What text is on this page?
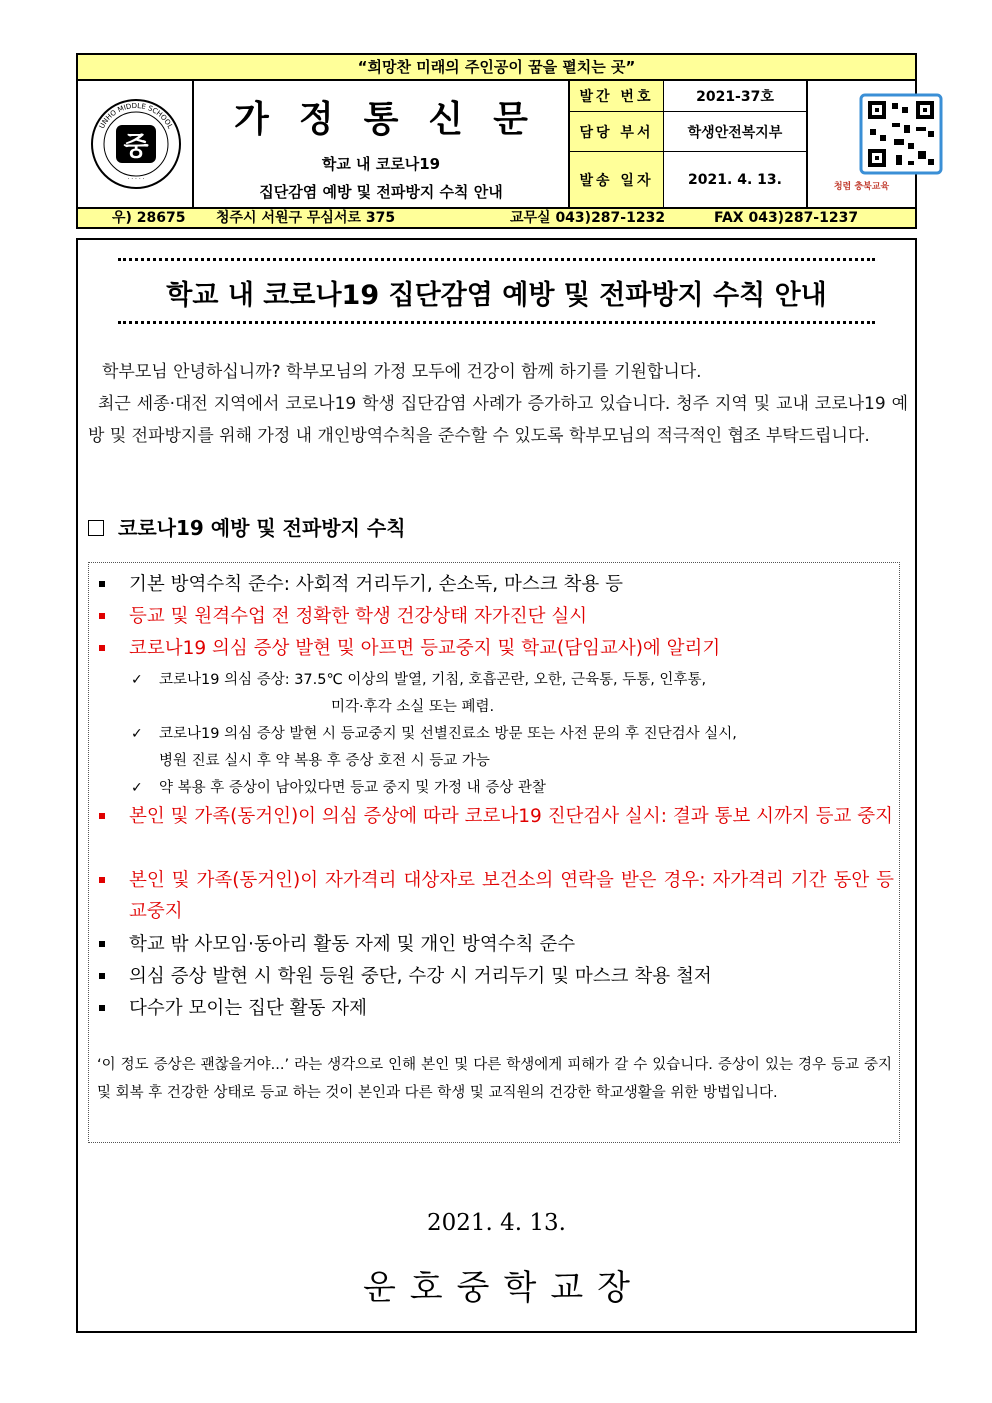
“희망찬 미래의 주인공이 꿈을 펼치는 곳”
UNHO MIDDLE SCHOOL
중
· · · · ·
가정통신문
학교 내 코로나19
집단감염 예방 및 전파방지 수칙 안내
발간 번호	2021-37호
담당 부서	학생안전복지부
발송 일자	2021. 4. 13.	청렴 충북교육
우) 28675 청주시 서원구 무심서로 375	교무실 043)287-1232	FAX 043)287-1237
학교 내 코로나19 집단감염 예방 및 전파방지 수칙 안내
학부모님 안녕하십니까? 학부모님의 가정 모두에 건강이 함께 하기를 기원합니다.
최근 세종·대전 지역에서 코로나19 학생 집단감염 사례가 증가하고 있습니다. 청주 지역 및 교내 코로나19 예방 및 전파방지를 위해 가정 내 개인방역수칙을 준수할 수 있도록 학부모님의 적극적인 협조 부탁드립니다.
코로나19 예방 및 전파방지 수칙
기본 방역수칙 준수: 사회적 거리두기, 손소독, 마스크 착용 등
등교 및 원격수업 전 정확한 학생 건강상태 자가진단 실시
코로나19 의심 증상 발현 및 아프면 등교중지 및 학교(담임교사)에 알리기
✓ 코로나19 의심 증상: 37.5℃ 이상의 발열, 기침, 호흡곤란, 오한, 근육통, 두통, 인후통,
미각·후각 소실 또는 폐렴.
✓ 코로나19 의심 증상 발현 시 등교중지 및 선별진료소 방문 또는 사전 문의 후 진단검사 실시,
병원 진료 실시 후 약 복용 후 증상 호전 시 등교 가능
✓ 약 복용 후 증상이 남아있다면 등교 중지 및 가정 내 증상 관찰
본인 및 가족(동거인)이 의심 증상에 따라 코로나19 진단검사 실시: 결과 통보 시까지 등교 중지
본인 및 가족(동거인)이 자가격리 대상자로 보건소의 연락을 받은 경우: 자가격리 기간 동안 등교중지
학교 밖 사모임·동아리 활동 자제 및 개인 방역수칙 준수
의심 증상 발현 시 학원 등원 중단, 수강 시 거리두기 및 마스크 착용 철저
다수가 모이는 집단 활동 자제
‘이 정도 증상은 괜찮을거야...’ 라는 생각으로 인해 본인 및 다른 학생에게 피해가 갈 수 있습니다. 증상이 있는 경우 등교 중지 및 회복 후 건강한 상태로 등교 하는 것이 본인과 다른 학생 및 교직원의 건강한 학교생활을 위한 방법입니다.
2021. 4. 13.
운호중학교장
